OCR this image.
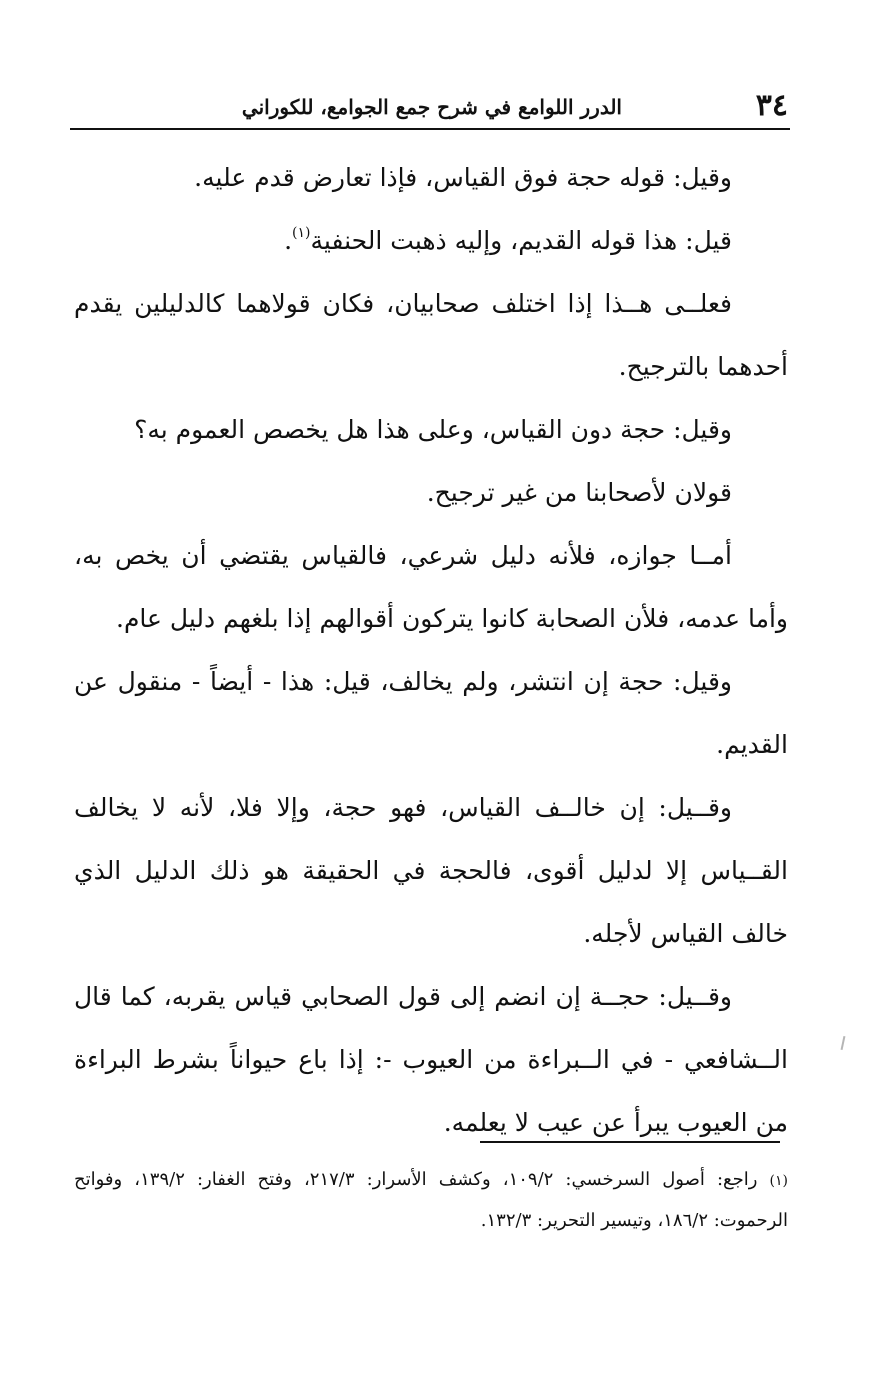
٣٤
الدرر اللوامع في شرح جمع الجوامع، للكوراني

وقيل: قوله حجة فوق القياس، فإذا تعارض قدم عليه.

قيل: هذا قوله القديم، وإليه ذهبت الحنفية$^{(١)}$.

فعلــى هــذا إذا اختلف صحابيان، فكان قولاهما كالدليلين يقدم أحدهما بالترجيح.

وقيل: حجة دون القياس، وعلى هذا هل يخصص العموم به؟

قولان لأصحابنا من غير ترجيح.

أمــا جوازه، فلأنه دليل شرعي، فالقياس يقتضي أن يخص به، وأما عدمه، فلأن الصحابة كانوا يتركون أقوالهم إذا بلغهم دليل عام.

وقيل: حجة إن انتشر، ولم يخالف، قيل: هذا - أيضاً - منقول عن القديم.

وقــيل: إن خالــف القياس، فهو حجة، وإلا فلا، لأنه لا يخالف القــياس إلا لدليل أقوى، فالحجة في الحقيقة هو ذلك الدليل الذي خالف القياس لأجله.

وقــيل: حجــة إن انضم إلى قول الصحابي قياس يقربه، كما قال الــشافعي - في الــبراءة من العيوب -: إذا باع حيواناً بشرط البراءة من العيوب يبرأ عن عيب لا يعلمه.

(١) راجع: أصول السرخسي: ١٠٩/٢، وكشف الأسرار: ٢١٧/٣، وفتح الغفار: ١٣٩/٢، وفواتح الرحموت: ١٨٦/٢، وتيسير التحرير: ١٣٢/٣.
